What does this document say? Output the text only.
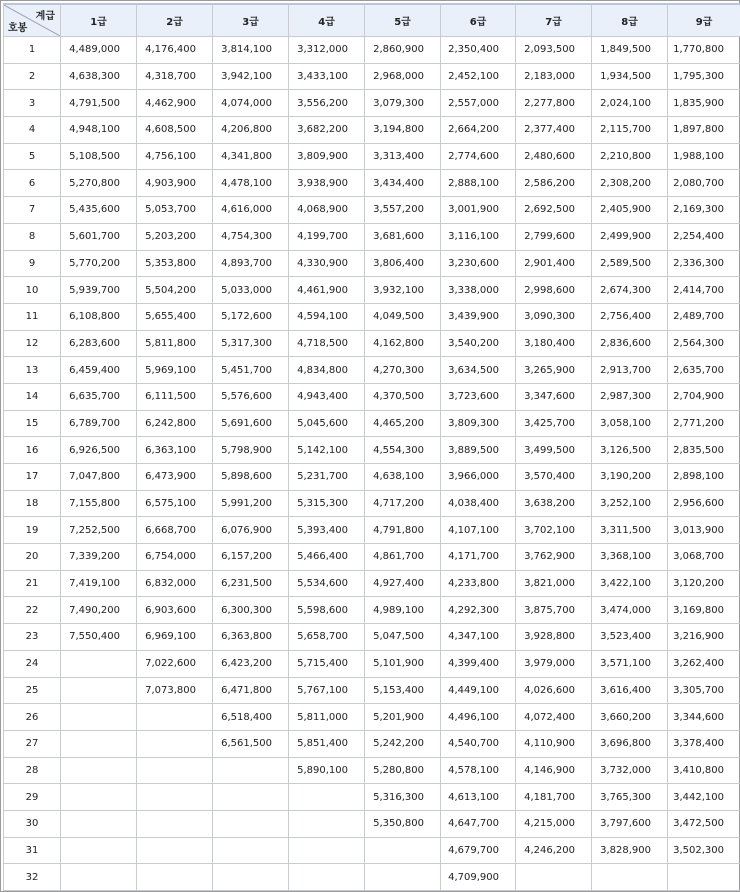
계급
호봉	1급	2급	3급	4급	5급	6급	7급	8급	9급
1	4,489,000	4,176,400	3,814,100	3,312,000	2,860,900	2,350,400	2,093,500	1,849,500	1,770,800
2	4,638,300	4,318,700	3,942,100	3,433,100	2,968,000	2,452,100	2,183,000	1,934,500	1,795,300
3	4,791,500	4,462,900	4,074,000	3,556,200	3,079,300	2,557,000	2,277,800	2,024,100	1,835,900
4	4,948,100	4,608,500	4,206,800	3,682,200	3,194,800	2,664,200	2,377,400	2,115,700	1,897,800
5	5,108,500	4,756,100	4,341,800	3,809,900	3,313,400	2,774,600	2,480,600	2,210,800	1,988,100
6	5,270,800	4,903,900	4,478,100	3,938,900	3,434,400	2,888,100	2,586,200	2,308,200	2,080,700
7	5,435,600	5,053,700	4,616,000	4,068,900	3,557,200	3,001,900	2,692,500	2,405,900	2,169,300
8	5,601,700	5,203,200	4,754,300	4,199,700	3,681,600	3,116,100	2,799,600	2,499,900	2,254,400
9	5,770,200	5,353,800	4,893,700	4,330,900	3,806,400	3,230,600	2,901,400	2,589,500	2,336,300
10	5,939,700	5,504,200	5,033,000	4,461,900	3,932,100	3,338,000	2,998,600	2,674,300	2,414,700
11	6,108,800	5,655,400	5,172,600	4,594,100	4,049,500	3,439,900	3,090,300	2,756,400	2,489,700
12	6,283,600	5,811,800	5,317,300	4,718,500	4,162,800	3,540,200	3,180,400	2,836,600	2,564,300
13	6,459,400	5,969,100	5,451,700	4,834,800	4,270,300	3,634,500	3,265,900	2,913,700	2,635,700
14	6,635,700	6,111,500	5,576,600	4,943,400	4,370,500	3,723,600	3,347,600	2,987,300	2,704,900
15	6,789,700	6,242,800	5,691,600	5,045,600	4,465,200	3,809,300	3,425,700	3,058,100	2,771,200
16	6,926,500	6,363,100	5,798,900	5,142,100	4,554,300	3,889,500	3,499,500	3,126,500	2,835,500
17	7,047,800	6,473,900	5,898,600	5,231,700	4,638,100	3,966,000	3,570,400	3,190,200	2,898,100
18	7,155,800	6,575,100	5,991,200	5,315,300	4,717,200	4,038,400	3,638,200	3,252,100	2,956,600
19	7,252,500	6,668,700	6,076,900	5,393,400	4,791,800	4,107,100	3,702,100	3,311,500	3,013,900
20	7,339,200	6,754,000	6,157,200	5,466,400	4,861,700	4,171,700	3,762,900	3,368,100	3,068,700
21	7,419,100	6,832,000	6,231,500	5,534,600	4,927,400	4,233,800	3,821,000	3,422,100	3,120,200
22	7,490,200	6,903,600	6,300,300	5,598,600	4,989,100	4,292,300	3,875,700	3,474,000	3,169,800
23	7,550,400	6,969,100	6,363,800	5,658,700	5,047,500	4,347,100	3,928,800	3,523,400	3,216,900
24		7,022,600	6,423,200	5,715,400	5,101,900	4,399,400	3,979,000	3,571,100	3,262,400
25		7,073,800	6,471,800	5,767,100	5,153,400	4,449,100	4,026,600	3,616,400	3,305,700
26			6,518,400	5,811,000	5,201,900	4,496,100	4,072,400	3,660,200	3,344,600
27			6,561,500	5,851,400	5,242,200	4,540,700	4,110,900	3,696,800	3,378,400
28				5,890,100	5,280,800	4,578,100	4,146,900	3,732,000	3,410,800
29					5,316,300	4,613,100	4,181,700	3,765,300	3,442,100
30					5,350,800	4,647,700	4,215,000	3,797,600	3,472,500
31						4,679,700	4,246,200	3,828,900	3,502,300
32						4,709,900			
